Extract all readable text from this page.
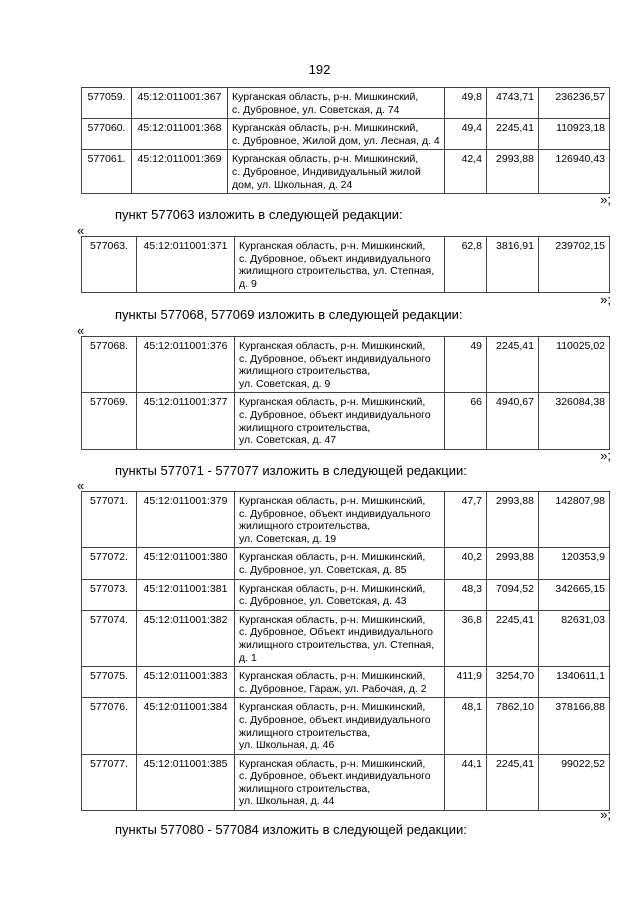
192
577059.	45:12:011001:367	Курганская область, р-н. Мишкинский,
с. Дубровное, ул. Советская, д. 74	49,8	4743,71	236236,57
577060.	45:12:011001:368	Курганская область, р-н. Мишкинский,
с. Дубровное, Жилой дом, ул. Лесная, д. 4	49,4	2245,41	110923,18
577061.	45:12:011001:369	Курганская область, р-н. Мишкинский,
с. Дубровное, Индивидуальный жилой
дом, ул. Школьная, д. 24	42,4	2993,88	126940,43
»;
пункт 577063 изложить в следующей редакции:
«
577063.	45:12:011001:371	Курганская область, р-н. Мишкинский,
с. Дубровное, объект индивидуального
жилищного строительства, ул. Степная,
д. 9	62,8	3816,91	239702,15
»;
пункты 577068, 577069 изложить в следующей редакции:
«
577068.	45:12:011001:376	Курганская область, р-н. Мишкинский,
с. Дубровное, объект индивидуального
жилищного строительства,
ул. Советская, д. 9	49	2245,41	110025,02
577069.	45:12:011001:377	Курганская область, р-н. Мишкинский,
с. Дубровное, объект индивидуального
жилищного строительства,
ул. Советская, д. 47	66	4940,67	326084,38
»;
пункты 577071 - 577077 изложить в следующей редакции:
«
577071.	45:12:011001:379	Курганская область, р-н. Мишкинский,
с. Дубровное, объект индивидуального
жилищного строительства,
ул. Советская, д. 19	47,7	2993,88	142807,98
577072.	45:12:011001:380	Курганская область, р-н. Мишкинский,
с. Дубровное, ул. Советская, д. 85	40,2	2993,88	120353,9
577073.	45:12:011001:381	Курганская область, р-н. Мишкинский,
с. Дубровное, ул. Советская, д. 43	48,3	7094,52	342665,15
577074.	45:12:011001:382	Курганская область, р-н. Мишкинский,
с. Дубровное, Объект индивидуального
жилищного строительства, ул. Степная,
д. 1	36,8	2245,41	82631,03
577075.	45:12:011001:383	Курганская область, р-н. Мишкинский,
с. Дубровное, Гараж, ул. Рабочая, д. 2	411,9	3254,70	1340611,1
577076.	45:12:011001:384	Курганская область, р-н. Мишкинский,
с. Дубровное, объект индивидуального
жилищного строительства,
ул. Школьная, д. 46	48,1	7862,10	378166,88
577077.	45:12:011001:385	Курганская область, р-н. Мишкинский,
с. Дубровное, объект индивидуального
жилищного строительства,
ул. Школьная, д. 44	44,1	2245,41	99022,52
»;
пункты 577080 - 577084 изложить в следующей редакции:
